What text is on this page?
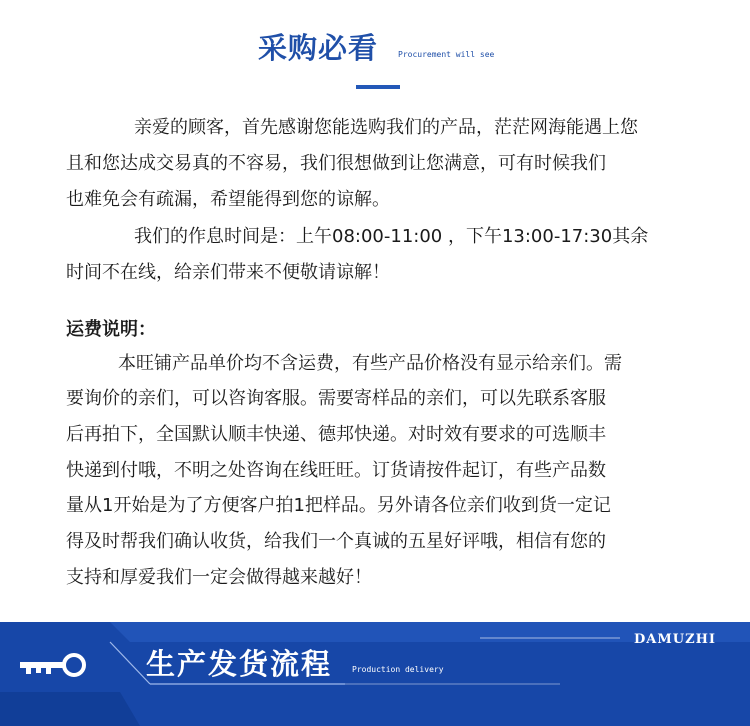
采购必看 Procurement will see
亲爱的顾客，首先感谢您能选购我们的产品，茫茫网海能遇上您
且和您达成交易真的不容易，我们很想做到让您满意，可有时候我们
也难免会有疏漏，希望能得到您的谅解。
我们的作息时间是：上午08:00-11:00 ，下午13:00-17:30其余
时间不在线，给亲们带来不便敬请谅解！
运费说明：
本旺铺产品单价均不含运费，有些产品价格没有显示给亲们。需
要询价的亲们，可以咨询客服。需要寄样品的亲们，可以先联系客服
后再拍下，全国默认顺丰快递、德邦快递。对时效有要求的可选顺丰
快递到付哦，不明之处咨询在线旺旺。订货请按件起订，有些产品数
量从1开始是为了方便客户拍1把样品。另外请各位亲们收到货一定记
得及时帮我们确认收货，给我们一个真诚的五星好评哦，相信有您的
支持和厚爱我们一定会做得越来越好！
DAMUZHI
生产发货流程 Production delivery
